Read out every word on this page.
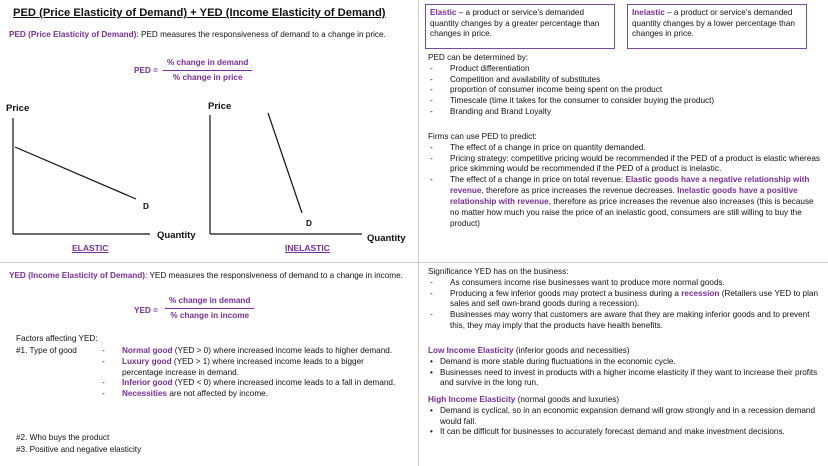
PED (Price Elasticity of Demand) + YED (Income Elasticity of Demand)
PED (Price Elasticity of Demand): PED measures the responsiveness of demand to a change in price.
PED =
% change in demand
% change in price
Price
D
Quantity
ELASTIC
Price
D
Quantity
INELASTIC
Elastic – a product or service's demanded quantity changes by a greater percentage than changes in price.
Inelastic – a product or service's demanded quantity changes by a lower percentage than changes in price.
PED can be determined by:
- Product differentiation
- Competition and availability of substitutes
- proportion of consumer income being spent on the product
- Timescale (time it takes for the consumer to consider buying the product)
- Branding and Brand Loyalty
Firms can use PED to predict:
- The effect of a change in price on quantity demanded.
- Pricing strategy: competitive pricing would be recommended if the PED of a product is elastic whereas price skimming would be recommended if the PED of a product is inelastic.
- The effect of a change in price on total revenue: Elastic goods have a negative relationship with revenue, therefore as price increases the revenue decreases. Inelastic goods have a positive relationship with revenue, therefore as price increases the revenue also increases (this is because no matter how much you raise the price of an inelastic good, consumers are still willing to buy the product)
YED (Income Elasticity of Demand): YED measures the responsiveness of demand to a change in income.
YED =
% change in demand
% change in income
Factors affecting YED:
#1. Type of good
-	Normal good (YED > 0) where increased income leads to higher demand.
- Luxury good (YED > 1) where increased income leads to a bigger percentage increase in demand.
- Inferior good (YED < 0) where increased income leads to a fall in demand.
- Necessities are not affected by income.
#2. Who buys the product
#3. Positive and negative elasticity
Significance YED has on the business:
- As consumers income rise businesses want to produce more normal goods.
- Producing a few inferior goods may protect a business during a recession (Retailers use YED to plan sales and sell own-brand goods during a recession).
- Businesses may worry that customers are aware that they are making inferior goods and to prevent this, they may imply that the products have health benefits.
Low Income Elasticity (inferior goods and necessities)
• Demand is more stable during fluctuations in the economic cycle.
• Businesses need to invest in products with a higher income elasticity if they want to increase their profits and survive in the long run.
High Income Elasticity (normal goods and luxuries)
• Demand is cyclical, so in an economic expansion demand will grow strongly and in a recession demand would fall.
• It can be difficult for businesses to accurately forecast demand and make investment decisions.
